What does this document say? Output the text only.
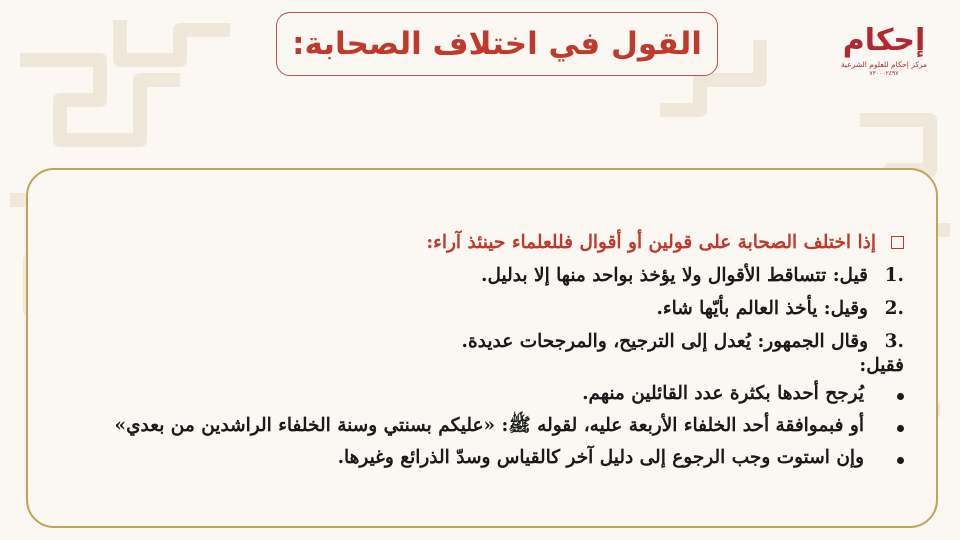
القول في اختلاف الصحابة:	إحكام
مركز إحكام للعلوم الشرعية
٧٣٠٠٠٢٤٩٧
إذا اختلف الصحابة على قولين أو أقوال فللعلماء حينئذ آراء:
1.
قيل: تتساقط الأقوال ولا يؤخذ بواحد منها إلا بدليل.
2.
وقيل: يأخذ العالم بأيّها شاء.
3.
وقال الجمهور: يُعدل إلى الترجيح، والمرجحات عديدة.
فقيل:
يُرجح أحدها بكثرة عدد القائلين منهم.
أو فبموافقة أحد الخلفاء الأربعة عليه، لقوله ﷺ: «عليكم بسنتي وسنة الخلفاء الراشدين من بعدي»
وإن استوت وجب الرجوع إلى دليل آخر كالقياس وسدّ الذرائع وغيرها.
